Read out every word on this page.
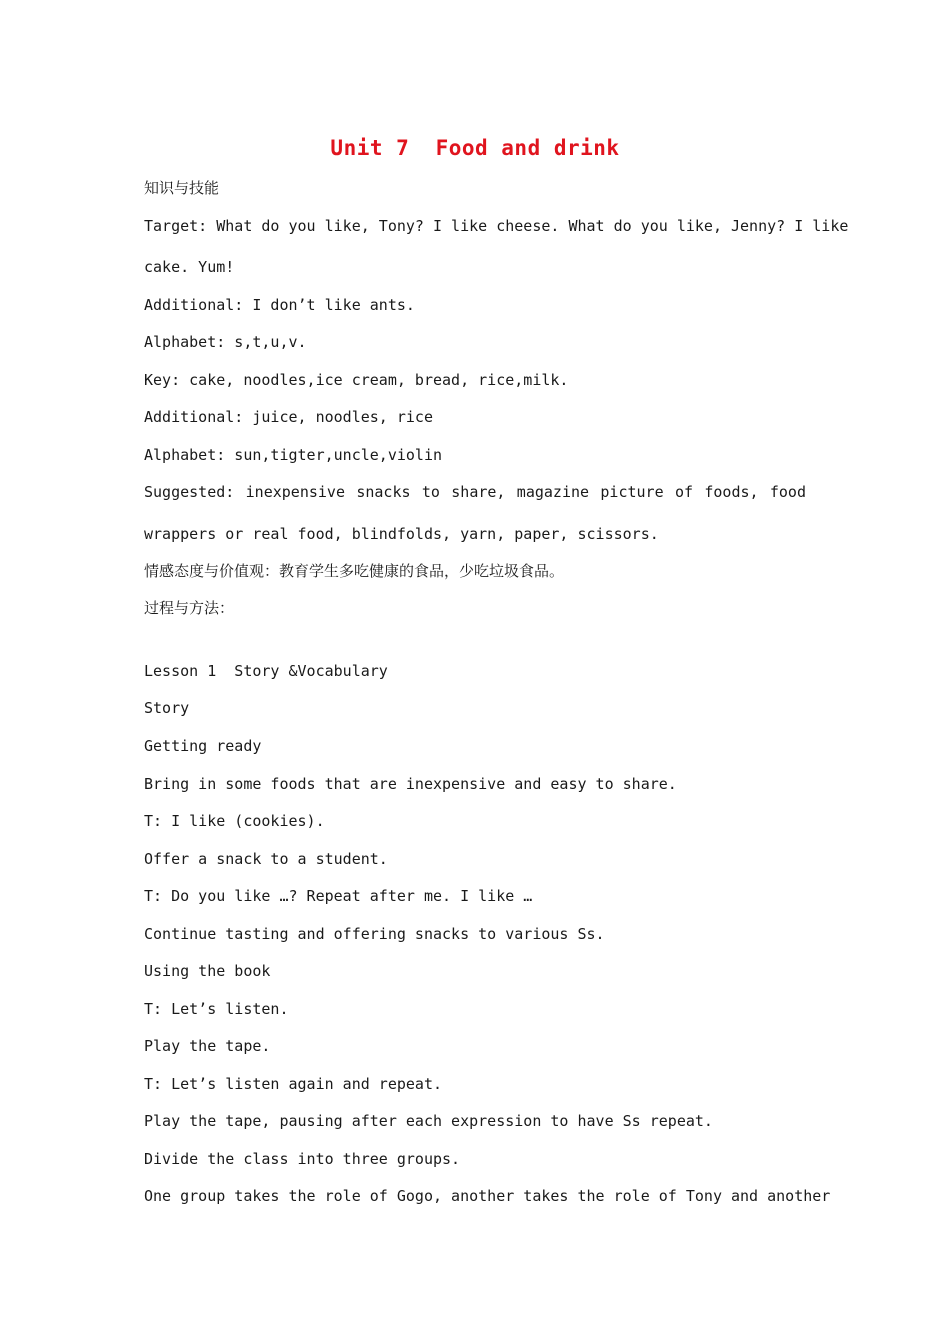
Unit 7  Food and drink
知识与技能
Target: What do you like, Tony? I like cheese. What do you like, Jenny? I like
cake. Yum!
Additional: I don’t like ants.
Alphabet: s,t,u,v.
Key: cake, noodles,ice cream, bread, rice,milk.
Additional: juice, noodles, rice
Alphabet: sun,tigter,uncle,violin
Suggested: inexpensive snacks to share, magazine picture of foods, food
wrappers or real food, blindfolds, yarn, paper, scissors.
情感态度与价值观：教育学生多吃健康的食品，少吃垃圾食品。
过程与方法：
Lesson 1  Story &Vocabulary
Story
Getting ready
Bring in some foods that are inexpensive and easy to share.
T: I like (cookies).
Offer a snack to a student.
T: Do you like …? Repeat after me. I like …
Continue tasting and offering snacks to various Ss.
Using the book
T: Let’s listen.
Play the tape.
T: Let’s listen again and repeat.
Play the tape, pausing after each expression to have Ss repeat.
Divide the class into three groups.
One group takes the role of Gogo, another takes the role of Tony and another
